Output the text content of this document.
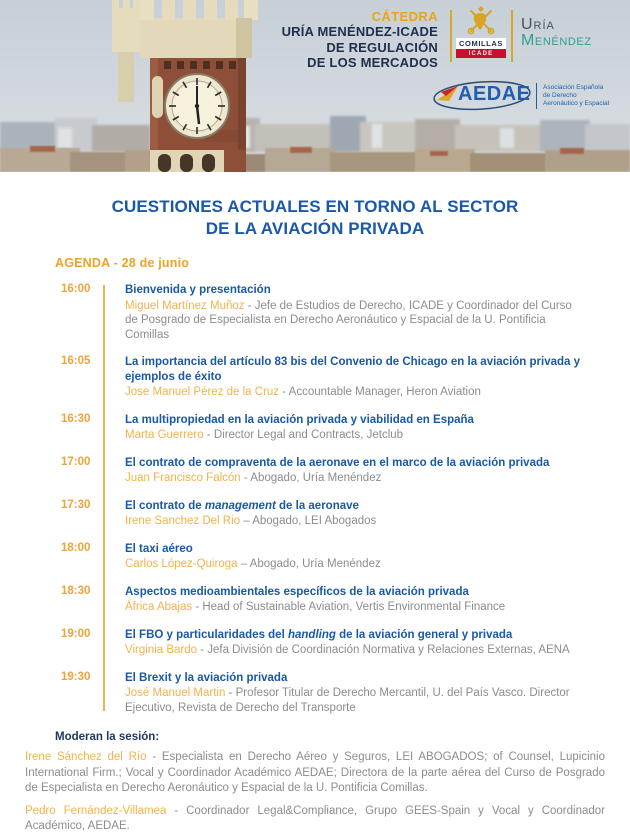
CÁTEDRA
URÍA MENÉNDEZ-ICADE
DE REGULACIÓN
DE LOS MERCADOS
COMILLAS
ICADE
Uría
Menéndez
AEDAE Asociación Española
de Derecho
Aeronáutico y Espacial
CUESTIONES ACTUALES EN TORNO AL SECTOR
DE LA AVIACIÓN PRIVADA
AGENDA - 28 de junio
16:00	Bienvenida y presentación
Miguel Martínez Muñoz - Jefe de Estudios de Derecho, ICADE y Coordinador del Curso de Posgrado de Especialista en Derecho Aeronáutico y Espacial de la U. Pontificia Comillas
16:05	La importancia del artículo 83 bis del Convenio de Chicago en la aviación privada y ejemplos de éxito
Jose Manuel Pérez de la Cruz - Accountable Manager, Heron Aviation
16:30	La multipropiedad en la aviación privada y viabilidad en España
Marta Guerrero - Director Legal and Contracts, Jetclub
17:00	El contrato de compraventa de la aeronave en el marco de la aviación privada
Juan Francisco Falcón - Abogado, Uría Menéndez
17:30	El contrato de management de la aeronave
Irene Sanchez Del Rio – Abogado, LEI Abogados
18:00	El taxi aéreo
Carlos López-Quiroga – Abogado, Uría Menéndez
18:30	Aspectos medioambientales específicos de la aviación privada
África Abajas - Head of Sustainable Aviation, Vertis Environmental Finance
19:00	El FBO y particularidades del handling de la aviación general y privada
Virginia Bardo - Jefa División de Coordinación Normativa y Relaciones Externas, AENA
19:30	El Brexit y la aviación privada
José Manuel Martin - Profesor Titular de Derecho Mercantil, U. del País Vasco. Director Ejecutivo, Revista de Derecho del Transporte
Moderan la sesión:

Irene Sánchez del Río - Especialista en Derecho Aéreo y Seguros, LEI ABOGADOS; of Counsel, Lupicinio International Firm.; Vocal y Coordinador Académico AEDAE; Directora de la parte aérea del Curso de Posgrado de Especialista en Derecho Aeronáutico y Espacial de la U. Pontificia Comillas.

Pedro Fernández-Villamea - Coordinador Legal&Compliance, Grupo GEES-Spain y Vocal y Coordinador Académico, AEDAE.
